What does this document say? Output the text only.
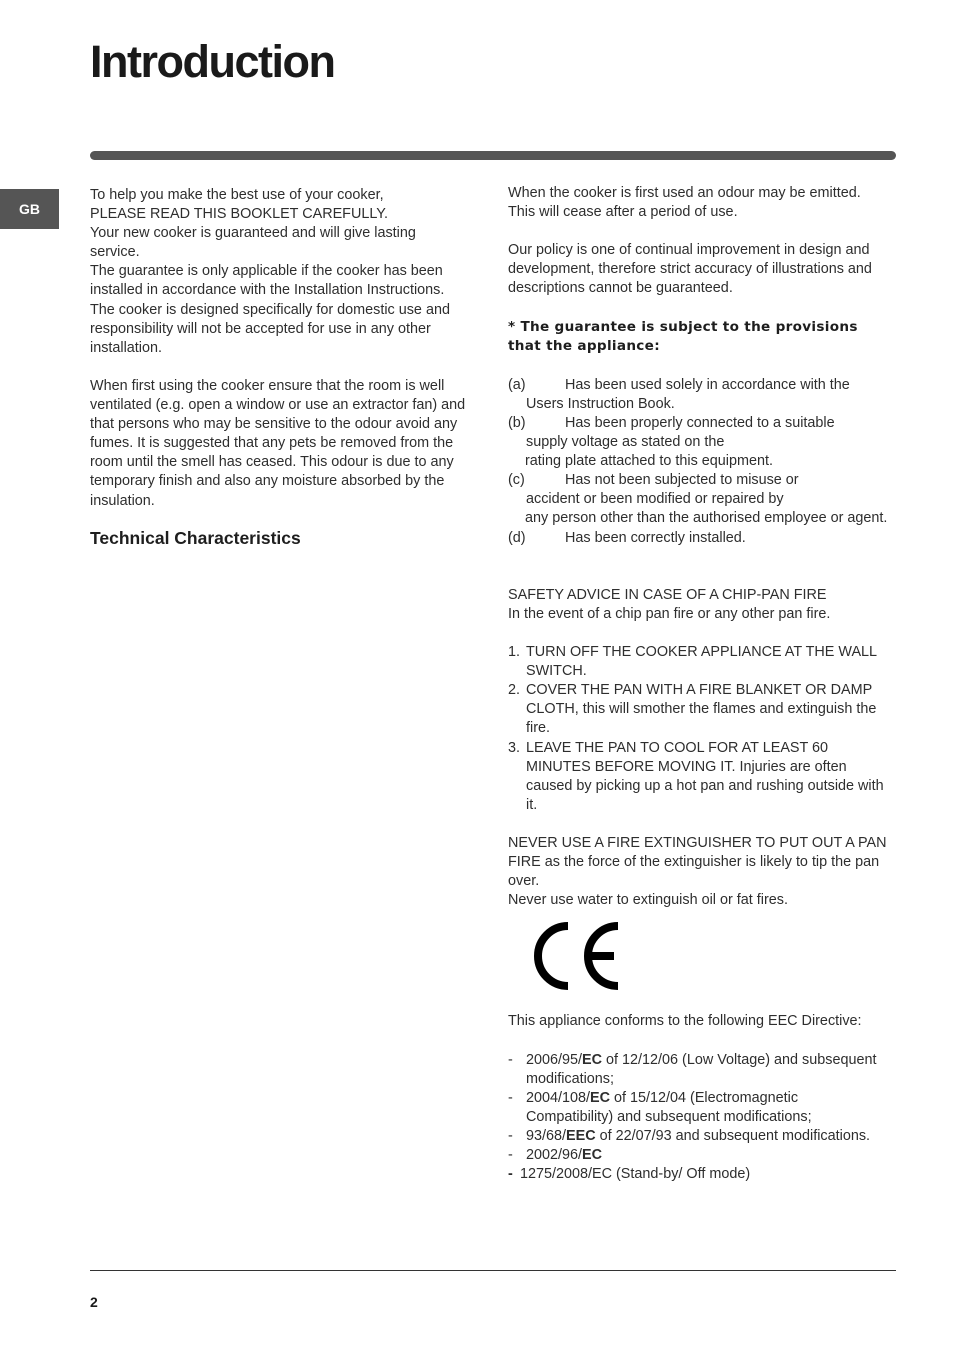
Introduction
GB

To help you make the best use of your cooker,

PLEASE READ THIS BOOKLET CAREFULLY.

Your new cooker is guaranteed and will give lasting service.

The guarantee is only applicable if the cooker has been installed in accordance with the Installation Instructions.

The cooker is designed specifically for domestic use and responsibility will not be accepted for use in any other installation.

When first using the cooker ensure that the room is well ventilated (e.g. open a window or use an extractor fan) and that persons who may be sensitive to the odour avoid any fumes. It is suggested that any pets be removed from the room until the smell has ceased. This odour is due to any temporary finish and also any moisture absorbed by the insulation.

Technical Characteristics

When the cooker is first used an odour may be emitted. This will cease after a period of use.

Our policy is one of continual improvement in design and development, therefore strict accuracy of illustrations and descriptions cannot be guaranteed.

* The guarantee is subject to the provisions that the appliance:

(a)	Has been used solely in accordance with the
Users Instruction Book.
(b)	Has been properly connected to a suitable
supply voltage as stated on the

rating plate attached to this equipment.

(c)	Has not been subjected to misuse or
accident or been modified or repaired by

any person other than the authorised employee or agent.

(d)	Has been correctly installed.

SAFETY ADVICE IN CASE OF A CHIP-PAN FIRE

In the event of a chip pan fire or any other pan fire.

1. TURN OFF THE COOKER APPLIANCE AT THE WALL SWITCH.
2. COVER THE PAN WITH A FIRE BLANKET OR DAMP CLOTH, this will smother the flames and extinguish the fire.
3. LEAVE THE PAN TO COOL FOR AT LEAST 60 MINUTES BEFORE MOVING IT. Injuries are often caused by picking up a hot pan and rushing outside with it.

NEVER USE A FIRE EXTINGUISHER TO PUT OUT A PAN FIRE as the force of the extinguisher is likely to tip the pan over.

Never use water to extinguish oil or fat fires.

This appliance conforms to the following EEC Directive:

- 2006/95/EC of 12/12/06 (Low Voltage) and subsequent modifications;
- 2004/108/EC of 15/12/04 (Electromagnetic Compatibility) and subsequent modifications;
- 93/68/EEC of 22/07/93 and subsequent modifications.
- 2002/96/EC
- 1275/2008/EC (Stand-by/ Off mode)
2
